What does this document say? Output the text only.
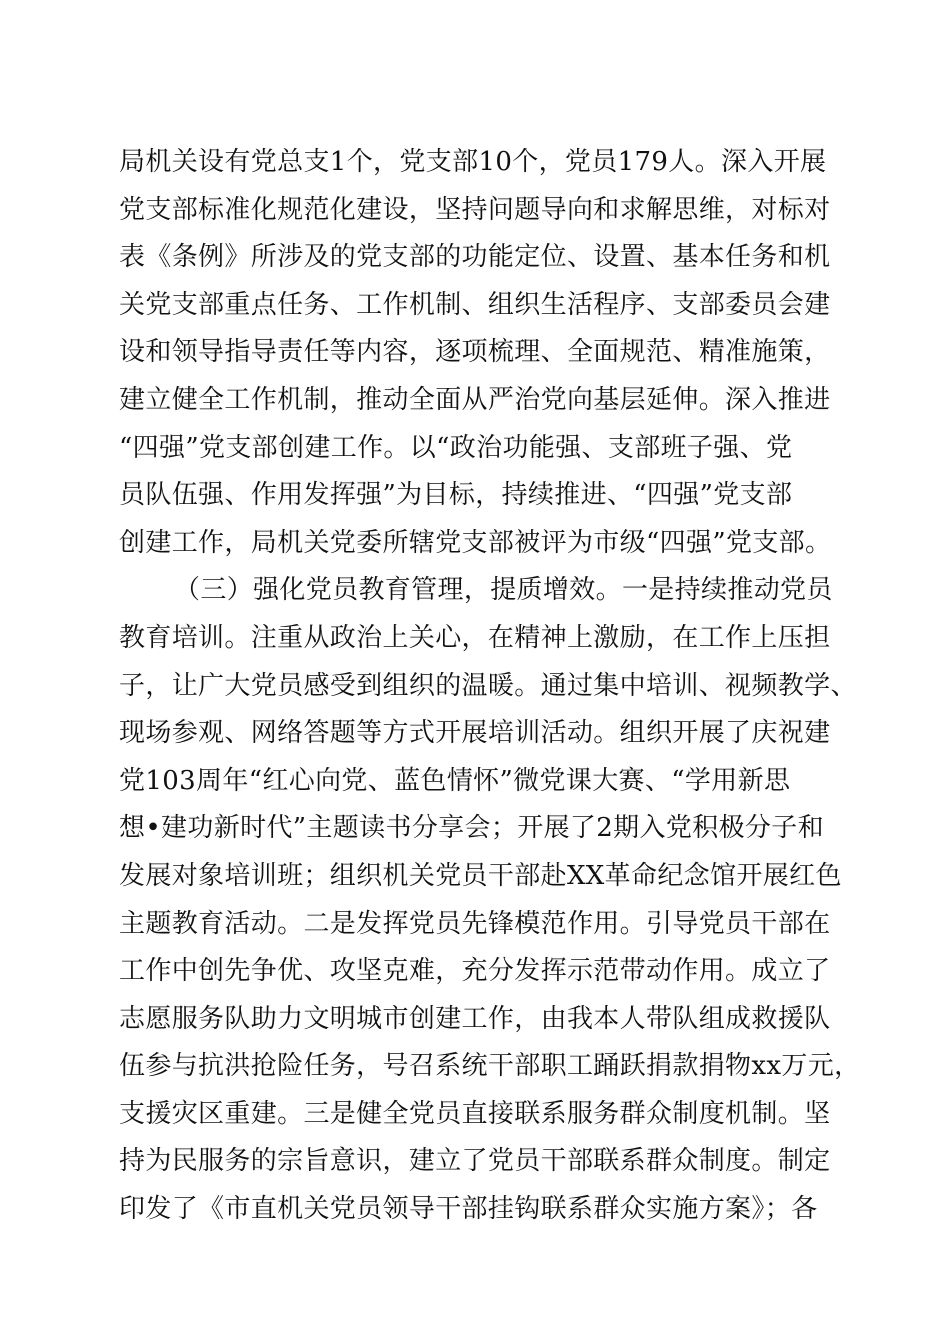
局机关设有党总支1个，党支部10个，党员179人。深入开展
党支部标准化规范化建设，坚持问题导向和求解思维，对标对
表《条例》所涉及的党支部的功能定位、设置、基本任务和机
关党支部重点任务、工作机制、组织生活程序、支部委员会建
设和领导指导责任等内容，逐项梳理、全面规范、精准施策，
建立健全工作机制，推动全面从严治党向基层延伸。深入推进
“四强”党支部创建工作。以“政治功能强、支部班子强、党
员队伍强、作用发挥强”为目标，持续推进、“四强”党支部
创建工作，局机关党委所辖党支部被评为市级“四强”党支部。
（三）强化党员教育管理，提质增效。一是持续推动党员
教育培训。注重从政治上关心，在精神上激励，在工作上压担
子，让广大党员感受到组织的温暖。通过集中培训、视频教学、
现场参观、网络答题等方式开展培训活动。组织开展了庆祝建
党103周年“红心向党、蓝色情怀”微党课大赛、“学用新思
想•建功新时代”主题读书分享会；开展了2期入党积极分子和
发展对象培训班；组织机关党员干部赴XX革命纪念馆开展红色
主题教育活动。二是发挥党员先锋模范作用。引导党员干部在
工作中创先争优、攻坚克难，充分发挥示范带动作用。成立了
志愿服务队助力文明城市创建工作，由我本人带队组成救援队
伍参与抗洪抢险任务，号召系统干部职工踊跃捐款捐物xx万元，
支援灾区重建。三是健全党员直接联系服务群众制度机制。坚
持为民服务的宗旨意识，建立了党员干部联系群众制度。制定
印发了《市直机关党员领导干部挂钩联系群众实施方案》；各
